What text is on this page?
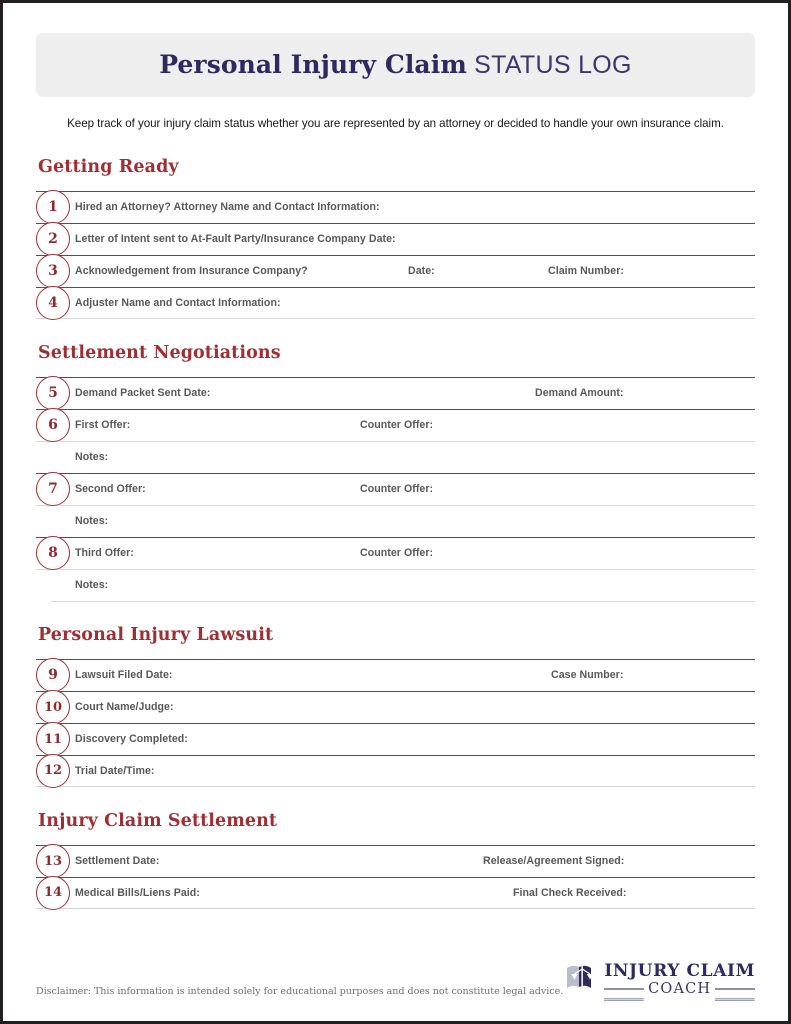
Personal Injury Claim STATUS LOG

Keep track of your injury claim status whether you are represented by an attorney or decided to handle your own insurance claim.

Getting Ready
1	Hired an Attorney? Attorney Name and Contact Information:
2	Letter of Intent sent to At-Fault Party/Insurance Company Date:
3	Acknowledgement from Insurance Company?	Date:	Claim Number:
4	Adjuster Name and Contact Information:
Settlement Negotiations
5	Demand Packet Sent Date:	Demand Amount:
6	First Offer:	Counter Offer:
Notes:
7	Second Offer:	Counter Offer:
Notes:
8	Third Offer:	Counter Offer:
Notes:
Personal Injury Lawsuit
9	Lawsuit Filed Date:	Case Number:
10	Court Name/Judge:
11	Discovery Completed:
12	Trial Date/Time:
Injury Claim Settlement
13	Settlement Date:	Release/Agreement Signed:
14	Medical Bills/Liens Paid:	Final Check Received:
Disclaimer: This information is intended solely for educational purposes and does not constitute legal advice.
INJURY CLAIM
COACH
